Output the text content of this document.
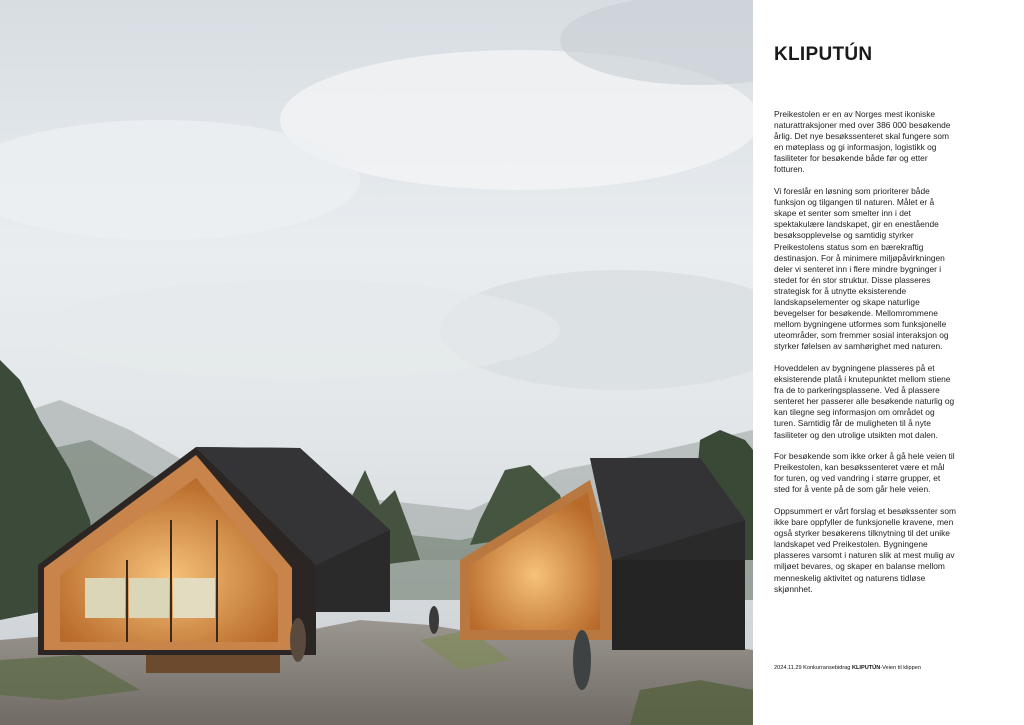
KLIPUTÚN

Preikestolen er en av Norges mest ikoniske naturattraksjoner med over 386 000 besøkende årlig. Det nye besøkssenteret skal fungere som en møteplass og gi informasjon, logistikk og fasiliteter for besøkende både før og etter fotturen.

Vi foreslår en løsning som prioriterer både funksjon og tilgangen til naturen. Målet er å skape et senter som smelter inn i det spektakulære landskapet, gir en enestående besøksopplevelse og samtidig styrker Preikestolens status som en bærekraftig destinasjon. For å minimere miljøpåvirkningen deler vi senteret inn i flere mindre bygninger i stedet for én stor struktur. Disse plasseres strategisk for å utnytte eksisterende landskapselementer og skape naturlige bevegelser for besøkende. Mellomrommene mellom bygningene utformes som funksjonelle uteområder, som fremmer sosial interaksjon og styrker følelsen av samhørighet med naturen.

Hoveddelen av bygningene plasseres på et eksisterende platå i knutepunktet mellom stiene fra de to parkeringsplassene. Ved å plassere senteret her passerer alle besøkende naturlig og kan tilegne seg informasjon om området og turen. Samtidig får de muligheten til å nyte fasiliteter og den utrolige utsikten mot dalen.

For besøkende som ikke orker å gå hele veien til Preikestolen, kan besøkssenteret være et mål for turen, og ved vandring i større grupper, et sted for å vente på de som går hele veien.

Oppsummert er vårt forslag et besøkssenter som ikke bare oppfyller de funksjonelle kravene, men også styrker besøkerens tilknytning til det unike landskapet ved Preikestolen. Bygningene plasseres varsomt i naturen slik at mest mulig av miljøet bevares, og skaper en balanse mellom menneskelig aktivitet og naturens tidløse skjønnhet.

2024.11.29 Konkurransebidrag KLIPUTÚN-Veien til klippen
